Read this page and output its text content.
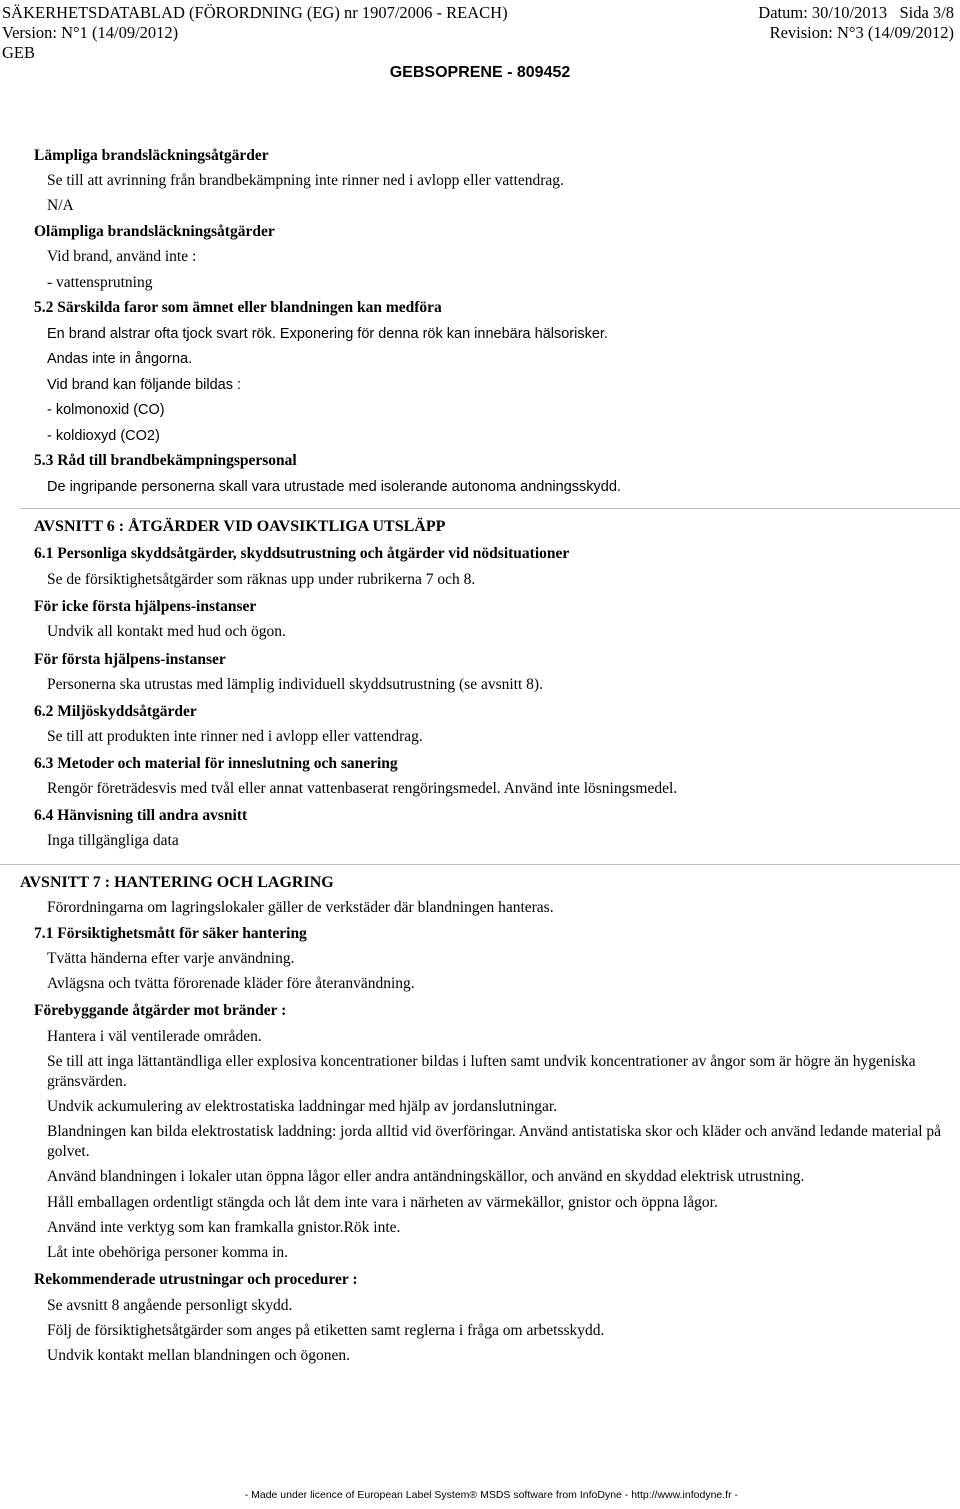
SÄKERHETSDATABLAD (FÖRORDNING (EG) nr 1907/2006 - REACH)	Datum: 30/10/2013 Sida 3/8
Version: N°1 (14/09/2012)	Revision: N°3 (14/09/2012)
GEB
GEBSOPRENE - 809452
Lämpliga brandsläckningsåtgärder
Se till att avrinning från brandbekämpning inte rinner ned i avlopp eller vattendrag.
N/A
Olämpliga brandsläckningsåtgärder
Vid brand, använd inte :
- vattensprutning
5.2 Särskilda faror som ämnet eller blandningen kan medföra
En brand alstrar ofta tjock svart rök. Exponering för denna rök kan innebära hälsorisker.
Andas inte in ångorna.
Vid brand kan följande bildas :
- kolmonoxid (CO)
- koldioxyd (CO2)
5.3 Råd till brandbekämpningspersonal
De ingripande personerna skall vara utrustade med isolerande autonoma andningsskydd.
AVSNITT 6 : ÅTGÄRDER VID OAVSIKTLIGA UTSLÄPP
6.1 Personliga skyddsåtgärder, skyddsutrustning och åtgärder vid nödsituationer
Se de försiktighetsåtgärder som räknas upp under rubrikerna 7 och 8.
För icke första hjälpens-instanser
Undvik all kontakt med hud och ögon.
För första hjälpens-instanser
Personerna ska utrustas med lämplig individuell skyddsutrustning (se avsnitt 8).
6.2 Miljöskyddsåtgärder
Se till att produkten inte rinner ned i avlopp eller vattendrag.
6.3 Metoder och material för inneslutning och sanering
Rengör företrädesvis med tvål eller annat vattenbaserat rengöringsmedel. Använd inte lösningsmedel.
6.4 Hänvisning till andra avsnitt
Inga tillgängliga data
AVSNITT 7 : HANTERING OCH LAGRING
Förordningarna om lagringslokaler gäller de verkstäder där blandningen hanteras.
7.1 Försiktighetsmått för säker hantering
Tvätta händerna efter varje användning.
Avlägsna och tvätta förorenade kläder före återanvändning.
Förebyggande åtgärder mot bränder :
Hantera i väl ventilerade områden.
Se till att inga lättantändliga eller explosiva koncentrationer bildas i luften samt undvik koncentrationer av ångor som är högre än hygeniska gränsvärden.
Undvik ackumulering av elektrostatiska laddningar med hjälp av jordanslutningar.
Blandningen kan bilda elektrostatisk laddning: jorda alltid vid överföringar. Använd antistatiska skor och kläder och använd ledande material på golvet.
Använd blandningen i lokaler utan öppna lågor eller andra antändningskällor, och använd en skyddad elektrisk utrustning.
Håll emballagen ordentligt stängda och låt dem inte vara i närheten av värmekällor, gnistor och öppna lågor.
Använd inte verktyg som kan framkalla gnistor.Rök inte.
Låt inte obehöriga personer komma in.
Rekommenderade utrustningar och procedurer :
Se avsnitt 8 angående personligt skydd.
Följ de försiktighetsåtgärder som anges på etiketten samt reglerna i fråga om arbetsskydd.
Undvik kontakt mellan blandningen och ögonen.
- Made under licence of European Label System® MSDS software from InfoDyne - http://www.infodyne.fr -
